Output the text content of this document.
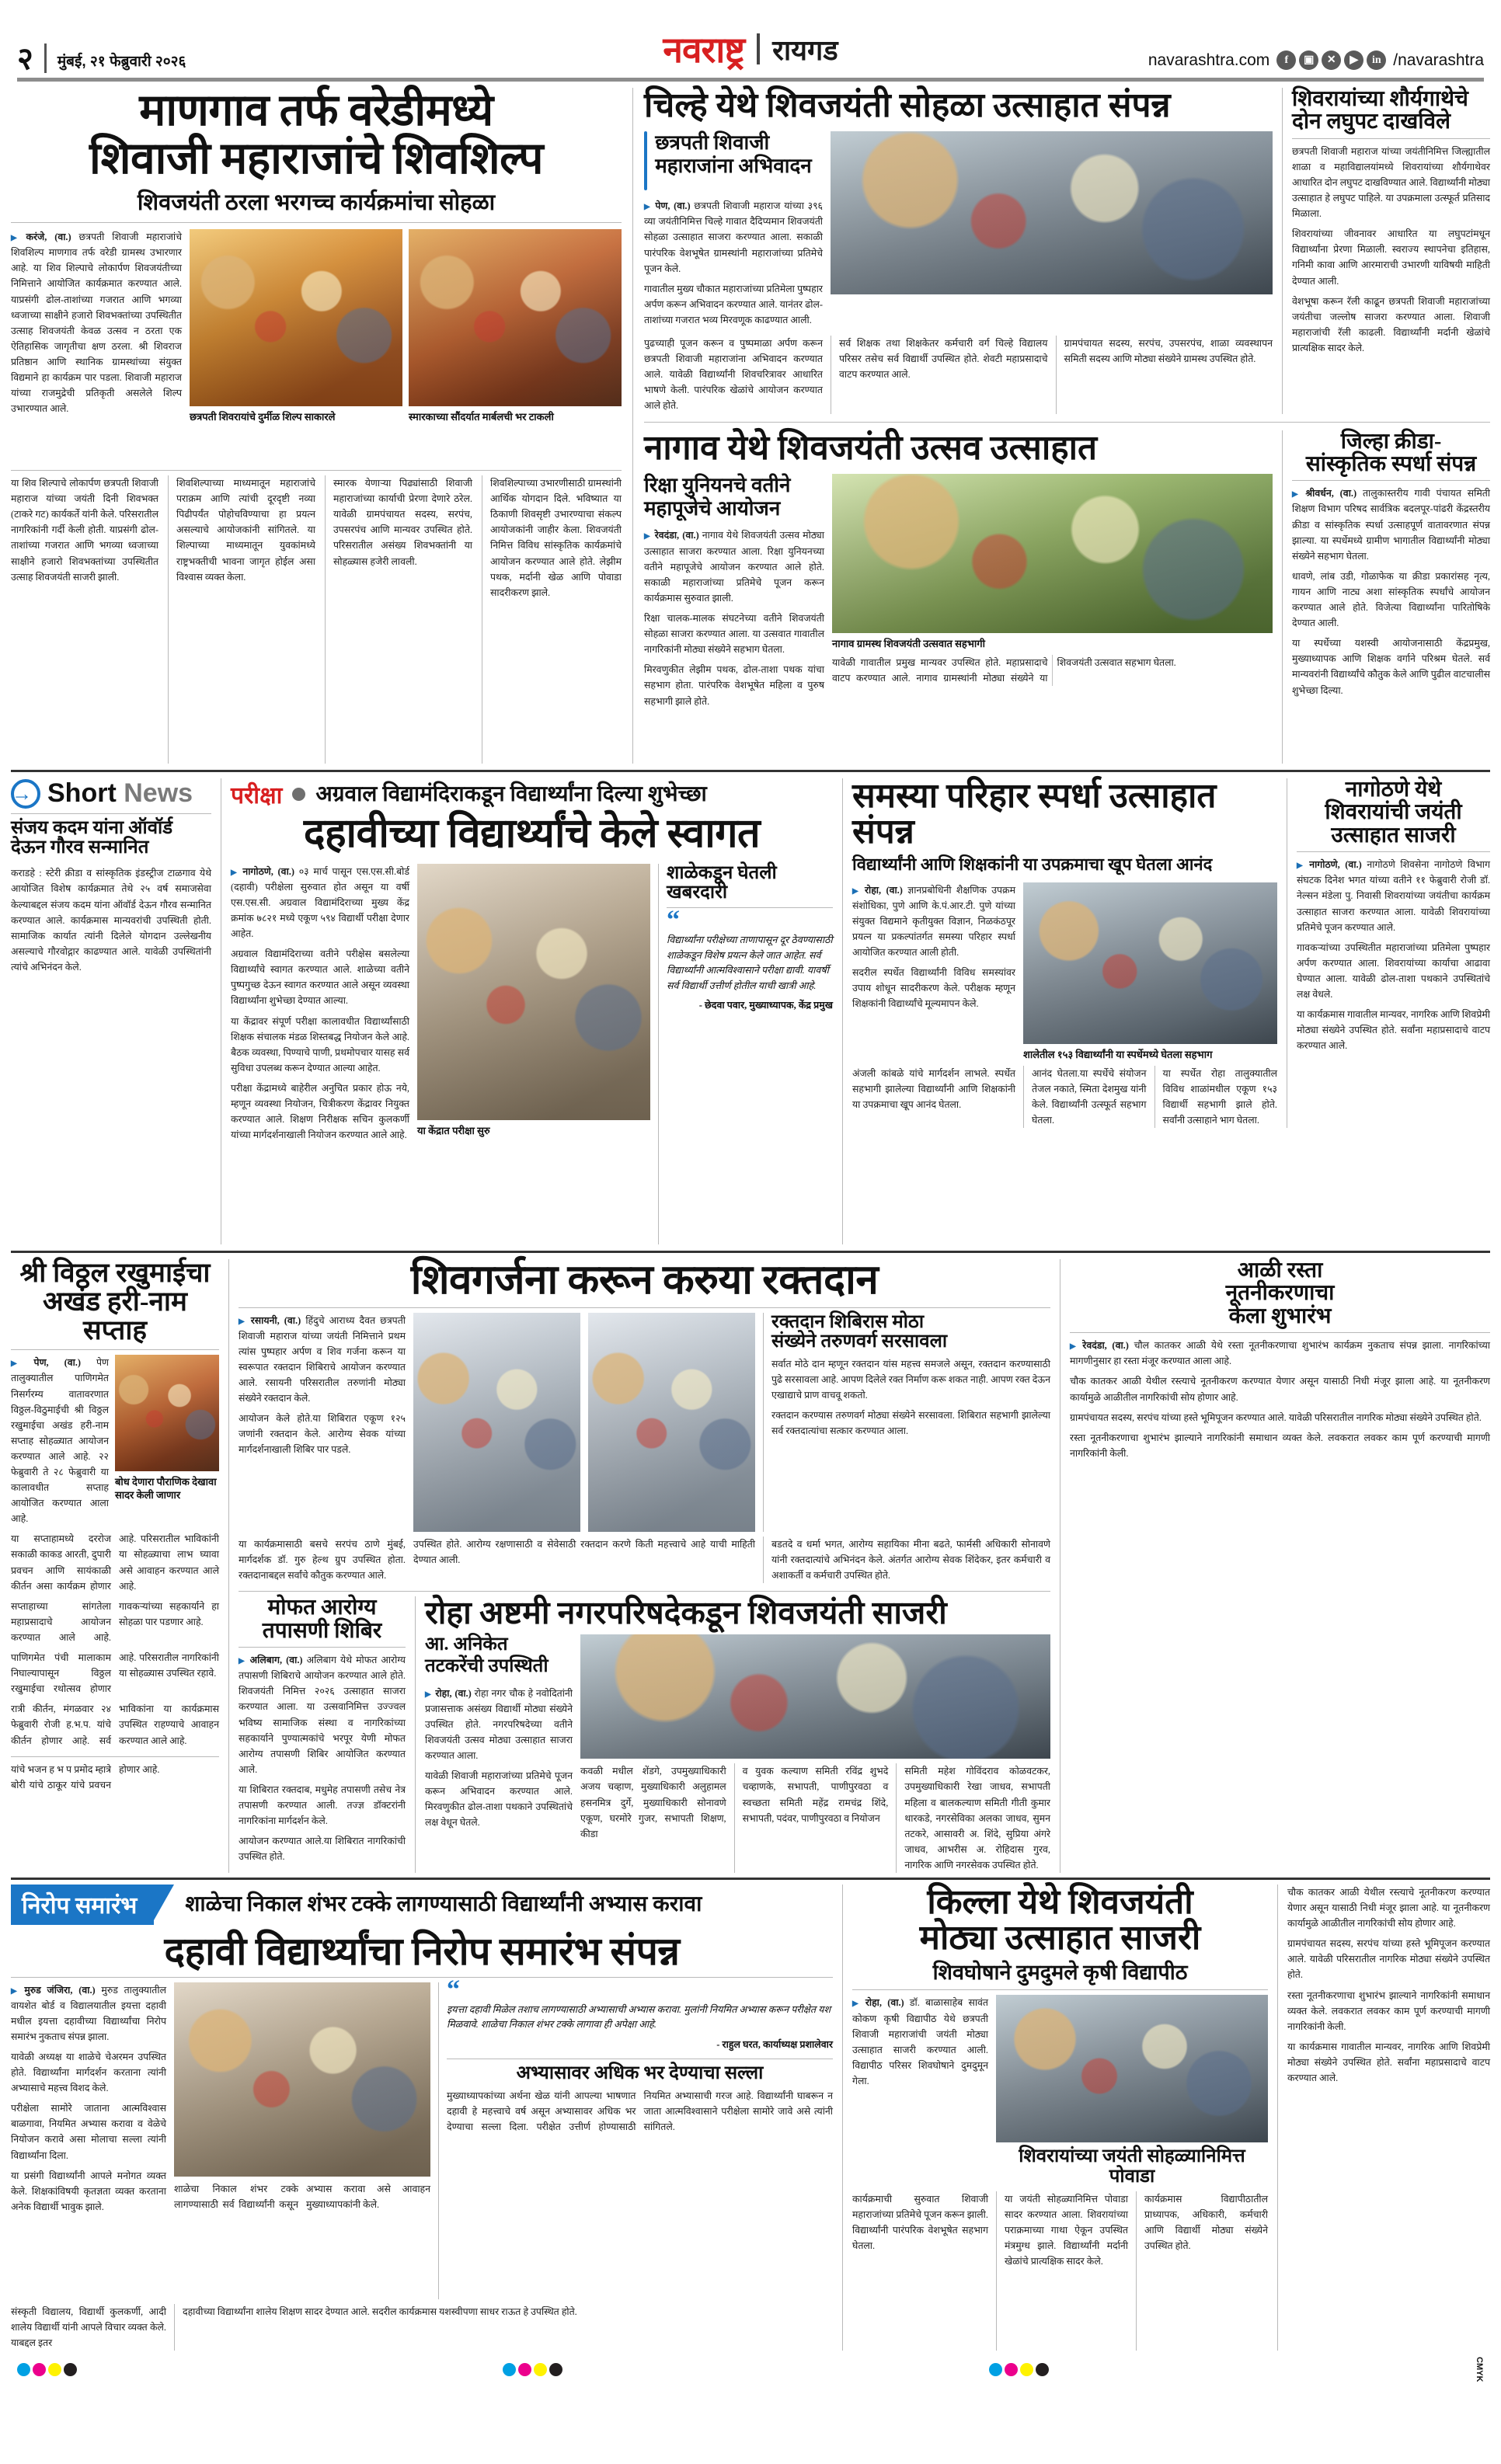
२ मुंबई, २१ फेब्रुवारी २०२६	नवराष्ट्र रायगड	navarashtra.com	f	▣	✕	▶	in /navarashtra
माणगाव तर्फ वरेडीमध्ये
शिवाजी महाराजांचे शिवशिल्प
शिवजयंती ठरला भरगच्च कार्यक्रमांचा सोहळा
▶ करंजे, (वा.) छत्रपती शिवाजी महाराजांचे शिवशिल्प माणगाव तर्फ वरेडी ग्रामस्थ उभारणार आहे. या शिव शिल्पाचे लोकार्पण शिवजयंतीच्या निमित्ताने आयोजित कार्यक्रमात करण्यात आले. याप्रसंगी ढोल-ताशांच्या गजरात आणि भगव्या ध्वजाच्या साक्षीने हजारो शिवभक्तांच्या उपस्थितीत उत्साह शिवजयंती केवळ उत्सव न ठरता एक ऐतिहासिक जागृतीचा क्षण ठरला. श्री शिवराज प्रतिष्ठान आणि स्थानिक ग्रामस्थांच्या संयुक्त विद्यमाने हा कार्यक्रम पार पडला. शिवाजी महाराज यांच्या राजमुद्रेची प्रतिकृती असलेले शिल्प उभारण्यात आले.
छत्रपती शिवरायांचे दुर्मीळ शिल्प साकारले	स्मारकाच्या सौंदर्यात मार्बलची भर टाकली
या शिव शिल्पाचे लोकार्पण छत्रपती शिवाजी महाराज यांच्या जयंती दिनी शिवभक्त (टाकरे गट) कार्यकर्ते यांनी केले. परिसरातील नागरिकांनी गर्दी केली होती. याप्रसंगी ढोल-ताशांच्या गजरात आणि भगव्या ध्वजाच्या साक्षीने हजारो शिवभक्तांच्या उपस्थितीत उत्साह शिवजयंती साजरी झाली.
शिवशिल्पाच्या माध्यमातून महाराजांचे पराक्रम आणि त्यांची दूरदृष्टी नव्या पिढीपर्यंत पोहोचविण्याचा हा प्रयत्न असल्याचे आयोजकांनी सांगितले. या शिल्पाच्या माध्यमातून युवकांमध्ये राष्ट्रभक्तीची भावना जागृत होईल असा विश्वास व्यक्त केला.
स्मारक येणाऱ्या पिढ्यांसाठी शिवाजी महाराजांच्या कार्याची प्रेरणा देणारे ठरेल. यावेळी ग्रामपंचायत सदस्य, सरपंच, उपसरपंच आणि मान्यवर उपस्थित होते. परिसरातील असंख्य शिवभक्तांनी या सोहळ्यास हजेरी लावली.
शिवशिल्पाच्या उभारणीसाठी ग्रामस्थांनी आर्थिक योगदान दिले. भविष्यात या ठिकाणी शिवसृष्टी उभारण्याचा संकल्प आयोजकांनी जाहीर केला. शिवजयंती निमित्त विविध सांस्कृतिक कार्यक्रमांचे आयोजन करण्यात आले होते. लेझीम पथक, मर्दानी खेळ आणि पोवाडा सादरीकरण झाले.
चिल्हे येथे शिवजयंती सोहळा उत्साहात संपन्न
छत्रपती शिवाजी महाराजांना अभिवादन
▶ पेण, (वा.) छत्रपती शिवाजी महाराज यांच्या ३९६ व्या जयंतीनिमित्त चिल्हे गावात दैदिप्यमान शिवजयंती सोहळा उत्साहात साजरा करण्यात आला. सकाळी पारंपरिक वेशभूषेत ग्रामस्थांनी महाराजांच्या प्रतिमेचे पूजन केले.
गावातील मुख्य चौकात महाराजांच्या प्रतिमेला पुष्पहार अर्पण करून अभिवादन करण्यात आले. यानंतर ढोल-ताशांच्या गजरात भव्य मिरवणूक काढण्यात आली.
पुढच्याही पूजन करून व पुष्पमाळा अर्पण करून छत्रपती शिवाजी महाराजांना अभिवादन करण्यात आले. यावेळी विद्यार्थ्यांनी शिवचरित्रावर आधारित भाषणे केली. पारंपरिक खेळांचे आयोजन करण्यात आले होते.
सर्व शिक्षक तथा शिक्षकेतर कर्मचारी वर्ग चिल्हे विद्यालय परिसर तसेच सर्व विद्यार्थी उपस्थित होते. शेवटी महाप्रसादाचे वाटप करण्यात आले.
ग्रामपंचायत सदस्य, सरपंच, उपसरपंच, शाळा व्यवस्थापन समिती सदस्य आणि मोठ्या संख्येने ग्रामस्थ उपस्थित होते.
शिवरायांच्या शौर्यगाथेचे दोन लघुपट दाखविले
छत्रपती शिवाजी महाराज यांच्या जयंतीनिमित्त जिल्ह्यातील शाळा व महाविद्यालयांमध्ये शिवरायांच्या शौर्यगाथेवर आधारित दोन लघुपट दाखविण्यात आले. विद्यार्थ्यांनी मोठ्या उत्साहात हे लघुपट पाहिले. या उपक्रमाला उत्स्फूर्त प्रतिसाद मिळाला.
शिवरायांच्या जीवनावर आधारित या लघुपटांमधून विद्यार्थ्यांना प्रेरणा मिळाली. स्वराज्य स्थापनेचा इतिहास, गनिमी कावा आणि आरमाराची उभारणी याविषयी माहिती देण्यात आली.
वेशभूषा करून रॅली काढून छत्रपती शिवाजी महाराजांच्या जयंतीचा जल्लोष साजरा करण्यात आला. शिवाजी महाराजांची रॅली काढली. विद्यार्थ्यांनी मर्दानी खेळांचे प्रात्यक्षिक सादर केले.
नागाव येथे शिवजयंती उत्सव उत्साहात
रिक्षा युनियनचे वतीने
महापूजेचे आयोजन
▶ रेवदंडा, (वा.) नागाव येथे शिवजयंती उत्सव मोठ्या उत्साहात साजरा करण्यात आला. रिक्षा युनियनच्या वतीने महापूजेचे आयोजन करण्यात आले होते. सकाळी महाराजांच्या प्रतिमेचे पूजन करून कार्यक्रमास सुरुवात झाली.
रिक्षा चालक-मालक संघटनेच्या वतीने शिवजयंती सोहळा साजरा करण्यात आला. या उत्सवात गावातील नागरिकांनी मोठ्या संख्येने सहभाग घेतला.
मिरवणुकीत लेझीम पथक, ढोल-ताशा पथक यांचा सहभाग होता. पारंपरिक वेशभूषेत महिला व पुरुष सहभागी झाले होते.
नागाव ग्रामस्थ शिवजयंती उत्सवात सहभागी
यावेळी गावातील प्रमुख मान्यवर उपस्थित होते. महाप्रसादाचे वाटप करण्यात आले. नागाव ग्रामस्थांनी मोठ्या संख्येने या शिवजयंती उत्सवात सहभाग घेतला.
जिल्हा क्रीडा-
सांस्कृतिक स्पर्धा संपन्न
▶ श्रीवर्धन, (वा.) तालुकास्तरीय गावी पंचायत समिती शिक्षण विभाग परिषद सार्वत्रिक बदलपूर-पांढरी केंद्रस्तरीय क्रीडा व सांस्कृतिक स्पर्धा उत्साहपूर्ण वातावरणात संपन्न झाल्या. या स्पर्धेमध्ये ग्रामीण भागातील विद्यार्थ्यांनी मोठ्या संख्येने सहभाग घेतला.
धावणे, लांब उडी, गोळाफेक या क्रीडा प्रकारांसह नृत्य, गायन आणि नाट्य अशा सांस्कृतिक स्पर्धांचे आयोजन करण्यात आले होते. विजेत्या विद्यार्थ्यांना पारितोषिके देण्यात आली.
या स्पर्धेच्या यशस्वी आयोजनासाठी केंद्रप्रमुख, मुख्याध्यापक आणि शिक्षक वर्गाने परिश्रम घेतले. सर्व मान्यवरांनी विद्यार्थ्यांचे कौतुक केले आणि पुढील वाटचालीस शुभेच्छा दिल्या.
→
Short News
संजय कदम यांना ऑवॉर्ड
देऊन गौरव सन्मानित
कराडहे : स्टेरी क्रीडा व सांस्कृतिक इंडस्ट्रीज टाळगाव येथे आयोजित विशेष कार्यक्रमात तेथे २५ वर्ष समाजसेवा केल्याबद्दल संजय कदम यांना ऑवॉर्ड देऊन गौरव सन्मानित करण्यात आले. कार्यक्रमास मान्यवरांची उपस्थिती होती. सामाजिक कार्यात त्यांनी दिलेले योगदान उल्लेखनीय असल्याचे गौरवोद्गार काढण्यात आले. यावेळी उपस्थितांनी त्यांचे अभिनंदन केले.
परीक्षा अग्रवाल विद्यामंदिराकडून विद्यार्थ्यांना दिल्या शुभेच्छा
दहावीच्या विद्यार्थ्यांचे केले स्वागत
▶ नागोठणे, (वा.) ०३ मार्च पासून एस.एस.सी.बोर्ड (दहावी) परीक्षेला सुरुवात होत असून या वर्षी एस.एस.सी. अग्रवाल विद्यामंदिराच्या मुख्य केंद्र क्रमांक ७८२१ मध्ये एकूण ५९४ विद्यार्थी परीक्षा देणार आहेत.
अग्रवाल विद्यामंदिराच्या वतीने परीक्षेस बसलेल्या विद्यार्थ्यांचे स्वागत करण्यात आले. शाळेच्या वतीने पुष्पगुच्छ देऊन स्वागत करण्यात आले असून व्यवस्था विद्यार्थ्यांना शुभेच्छा देण्यात आल्या.
या केंद्रावर संपूर्ण परीक्षा कालावधीत विद्यार्थ्यांसाठी शिक्षक संचालक मंडळ शिस्तबद्ध नियोजन केले आहे. बैठक व्यवस्था, पिण्याचे पाणी, प्रथमोपचार यासह सर्व सुविधा उपलब्ध करून देण्यात आल्या आहेत.
परीक्षा केंद्रामध्ये बाहेरील अनुचित प्रकार होऊ नये, म्हणून व्यवस्था नियोजन, चित्रीकरण केंद्रावर नियुक्त करण्यात आले. शिक्षण निरीक्षक सचिन कुलकर्णी यांच्या मार्गदर्शनाखाली नियोजन करण्यात आले आहे. या केंद्रात परीक्षा सुरु
शाळेकडून घेतली खबरदारी
“
विद्यार्थ्यांना परीक्षेच्या ताणापासून दूर ठेवण्यासाठी शाळेकडून विशेष प्रयत्न केले जात आहेत. सर्व विद्यार्थ्यांनी आत्मविश्वासाने परीक्षा द्यावी. यावर्षी सर्व विद्यार्थी उत्तीर्ण होतील याची खात्री आहे.
- छेदवा पवार, मुख्याध्यापक, केंद्र प्रमुख
समस्या परिहार स्पर्धा उत्साहात संपन्न
विद्यार्थ्यांनी आणि शिक्षकांनी या उपक्रमाचा खूप घेतला आनंद
▶ रोहा, (वा.) ज्ञानप्रबोधिनी शैक्षणिक उपक्रम संशोधिका, पुणे आणि के.पं.आर.टी. पुणे यांच्या संयुक्त विद्यमाने कृतीयुक्त विज्ञान, निळकंठपूर प्रयत्न या प्रकल्पांतर्गत समस्या परिहार स्पर्धा आयोजित करण्यात आली होती.
सदरील स्पर्धेत विद्यार्थ्यांनी विविध समस्यांवर उपाय शोधून सादरीकरण केले. परीक्षक म्हणून शिक्षकांनी विद्यार्थ्यांचे मूल्यमापन केले.
शालेतील १५३ विद्यार्थ्यांनी या स्पर्धेमध्ये घेतला सहभाग
अंजली कांबळे यांचे मार्गदर्शन लाभले. स्पर्धेत सहभागी झालेल्या विद्यार्थ्यांनी आणि शिक्षकांनी या उपक्रमाचा खूप आनंद घेतला.
आनंद घेतला.या स्पर्धेचे संयोजन तेजल नकाते, स्मिता देशमुख यांनी केले. विद्यार्थ्यांनी उत्स्फूर्त सहभाग घेतला.
या स्पर्धेत रोहा तालुक्यातील विविध शाळांमधील एकूण १५३ विद्यार्थी सहभागी झाले होते. सर्वांनी उत्साहाने भाग घेतला.
नागोठणे येथे
शिवरायांची जयंती
उत्साहात साजरी
▶ नागोठणे, (वा.) नागोठणे शिवसेना नागोठणे विभाग संघटक दिनेश भगत यांच्या वतीने ११ फेब्रुवारी रोजी डॉ. नेल्सन मंडेला पु. निवासी शिवरायांच्या जयंतीचा कार्यक्रम उत्साहात साजरा करण्यात आला. यावेळी शिवरायांच्या प्रतिमेचे पूजन करण्यात आले.
गावकऱ्यांच्या उपस्थितीत महाराजांच्या प्रतिमेला पुष्पहार अर्पण करण्यात आला. शिवरायांच्या कार्याचा आढावा घेण्यात आला. यावेळी ढोल-ताशा पथकाने उपस्थितांचे लक्ष वेधले.
या कार्यक्रमास गावातील मान्यवर, नागरिक आणि शिवप्रेमी मोठ्या संख्येने उपस्थित होते. सर्वांना महाप्रसादाचे वाटप करण्यात आले.
श्री विठ्ठल रखुमाईचा
अखंड हरी-नाम सप्ताह
▶ पेण, (वा.) पेण तालुक्यातील पाणिगमेत निसर्गरम्य वातावरणात विठ्ठल-विठुमाईची श्री विठ्ठल रखुमाईचा अखंड हरी-नाम सप्ताह सोहळ्यात आयोजन करण्यात आले आहे. २२ फेब्रुवारी ते २८ फेब्रुवारी या कालावधीत सप्ताह आयोजित करण्यात आला आहे.
बोध देणारा पौराणिक देखावा सादर केली जाणार
या सप्ताहामध्ये दररोज सकाळी काकड आरती, दुपारी प्रवचन आणि सायंकाळी कीर्तन असा कार्यक्रम होणार आहे. परिसरातील भाविकांनी या सोहळ्याचा लाभ घ्यावा असे आवाहन करण्यात आले आहे.
सप्ताहाच्या सांगतेला महाप्रसादाचे आयोजन करण्यात आले आहे. गावकऱ्यांच्या सहकार्याने हा सोहळा पार पडणार आहे.
पाणिगमेत पंची मालाकाम निघाल्यापासून विठ्ठल रखुमाईचा रथोत्सव होणार आहे. परिसरातील नागरिकांनी या सोहळ्यास उपस्थित रहावे.
रात्री कीर्तन, मंगळवार २४ फेब्रुवारी रोजी ह.भ.प. यांचे कीर्तन होणार आहे. सर्व भाविकांना या कार्यक्रमास उपस्थित राहण्याचे आवाहन करण्यात आले आहे.
यांचे भजन ह भ प प्रमोद म्हात्रे बोरी यांचे ठाकूर यांचे प्रवचन होणार आहे.
शिवगर्जना करून करुया रक्तदान
▶ रसायनी, (वा.) हिंदुचे आराध्य दैवत छत्रपती शिवाजी महाराज यांच्या जयंती निमित्ताने प्रथम त्यांस पुष्पहार अर्पण व शिव गर्जना करून या स्वरूपात रक्तदान शिबिराचे आयोजन करण्यात आले. रसायनी परिसरातील तरुणांनी मोठ्या संख्येने रक्तदान केले.
आयोजन केले होते.या शिबिरात एकूण १२५ जणांनी रक्तदान केले. आरोग्य सेवक यांच्या मार्गदर्शनाखाली शिबिर पार पडले.
रक्तदान शिबिरास मोठा
संख्येने तरुणवर्ग सरसावला
सर्वात मोठे दान म्हणून रक्तदान यांस महत्त्व समजले असून, रक्तदान करण्यासाठी पुढे सरसावला आहे. आपण दिलेले रक्त निर्माण करू शकत नाही. आपण रक्त देऊन एखाद्याचे प्राण वाचवू शकतो.
रक्तदान करण्यास तरुणवर्ग मोठ्या संख्येने सरसावला. शिबिरात सहभागी झालेल्या सर्व रक्तदात्यांचा सत्कार करण्यात आला.
या कार्यक्रमासाठी बसचे सरपंच ठाणे मुंबई, मार्गदर्शक डॉ. गुरु हेल्थ ग्रुप उपस्थित होता. रक्तदानाबद्दल सर्वांचे कौतुक करण्यात आले.
उपस्थित होते. आरोग्य रक्षणासाठी व सेवेसाठी रक्तदान करणे किती महत्त्वाचे आहे याची माहिती देण्यात आली.
बडतदे व धर्मा भगत, आरोग्य सहायिका मीना बढते, फार्मसी अधिकारी सोनावणे यांनी रक्तदात्यांचे अभिनंदन केले. अंतर्गत आरोग्य सेवक शिंदेकर, इतर कर्मचारी व अशाकर्ती व कर्मचारी उपस्थित होते.
मोफत आरोग्य
तपासणी शिबिर
▶ अलिबाग, (वा.) अलिबाग येथे मोफत आरोग्य तपासणी शिबिराचे आयोजन करण्यात आले होते. शिवजयंती निमित्त २०२६ उत्साहात साजरा करण्यात आला. या उत्सवानिमित्त उज्ज्वल भविष्य सामाजिक संस्था व नागरिकांच्या सहकार्याने पुण्यात्मकांचे भरपूर येणी मोफत आरोग्य तपासणी शिबिर आयोजित करण्यात आले.
या शिबिरात रक्तदाब, मधुमेह तपासणी तसेच नेत्र तपासणी करण्यात आली. तज्ज्ञ डॉक्टरांनी नागरिकांना मार्गदर्शन केले.
आयोजन करण्यात आले.या शिबिरात नागरिकांची उपस्थित होते.
रोहा अष्टमी नगरपरिषदेकडून शिवजयंती साजरी
आ. अनिकेत
तटकरेंची उपस्थिती
▶ रोहा, (वा.) रोहा नगर चौक हे नवोदितांनी प्रजासत्ताक असंख्य विद्यार्थी मोठ्या संख्येने उपस्थित होते. नगरपरिषदेच्या वतीने शिवजयंती उत्सव मोठ्या उत्साहात साजरा करण्यात आला.
यावेळी शिवाजी महाराजांच्या प्रतिमेचे पूजन करून अभिवादन करण्यात आले. मिरवणुकीत ढोल-ताशा पथकाने उपस्थितांचे लक्ष वेधून घेतले.
कवळी मधील शेंडगे, उपमुख्याधिकारी अजय चव्हाण, मुख्याधिकारी अलुहामल हसनमित्र दुर्गे, मुख्याधिकारी सोनावणे एकूण, घरमोरे गुजर, सभापती शिक्षण, कीडा
व युवक कल्याण समिती रविंद्र शुभदे चव्हाणके, सभापती, पाणीपुरवठा व स्वच्छता समिती महेंद्र रामचंद्र शिंदे, सभापती, पदंवर, पाणीपुरवठा व नियोजन
समिती महेश गोविंदराव कोळवटकर, उपमुख्याधिकारी रेखा जाधव, सभापती महिला व बालकल्याण समिती गीती कुमार थारकडे, नगरसेविका अलका जाधव, सुमन तटकरे, आसावरी अ. शिंदे, सुप्रिया अंगरे जाधव, आभरीस अ. रोहिदास गुरव, नागरिक आणि नगरसेवक उपस्थित होते.
आळी रस्ता
नूतनीकरणाचा
केला शुभारंभ
▶ रेवदंडा, (वा.) चौल कातकर आळी येथे रस्ता नूतनीकरणाचा शुभारंभ कार्यक्रम नुकताच संपन्न झाला. नागरिकांच्या मागणीनुसार हा रस्ता मंजूर करण्यात आला आहे.
चौक कातकर आळी येथील रस्त्याचे नूतनीकरण करण्यात येणार असून यासाठी निधी मंजूर झाला आहे. या नूतनीकरण कार्यामुळे आळीतील नागरिकांची सोय होणार आहे.
ग्रामपंचायत सदस्य, सरपंच यांच्या हस्ते भूमिपूजन करण्यात आले. यावेळी परिसरातील नागरिक मोठ्या संख्येने उपस्थित होते.
रस्ता नूतनीकरणाचा शुभारंभ झाल्याने नागरिकांनी समाधान व्यक्त केले. लवकरात लवकर काम पूर्ण करण्याची मागणी नागरिकांनी केली.
निरोप समारंभ	शाळेचा निकाल शंभर टक्के लागण्यासाठी विद्यार्थ्यांनी अभ्यास करावा
दहावी विद्यार्थ्यांचा निरोप समारंभ संपन्न
▶ मुरुड जंजिरा, (वा.) मुरुड तालुक्यातील वायशेत बोर्ड व विद्यालयातील इयत्ता दहावी मधील इयत्ता दहावीच्या विद्यार्थ्यांचा निरोप समारंभ नुकताच संपन्न झाला.
यावेळी अध्यक्ष या शाळेचे चेअरमन उपस्थित होते. विद्यार्थ्यांना मार्गदर्शन करताना त्यांनी अभ्यासाचे महत्त्व विशद केले.
परीक्षेला सामोरे जाताना आत्मविश्वास बाळगावा, नियमित अभ्यास करावा व वेळेचे नियोजन करावे असा मोलाचा सल्ला त्यांनी विद्यार्थ्यांना दिला.
या प्रसंगी विद्यार्थ्यांनी आपले मनोगत व्यक्त केले. शिक्षकांविषयी कृतज्ञता व्यक्त करताना अनेक विद्यार्थी भावुक झाले.
शाळेचा निकाल शंभर टक्के लागण्यासाठी सर्व विद्यार्थ्यांनी कसून अभ्यास करावा असे आवाहन मुख्याध्यापकांनी केले.
“
इयत्ता दहावी मिळेल तशाच लागण्यासाठी अभ्यासाची अभ्यास करावा. मुलांनी नियमित अभ्यास करून परीक्षेत यश मिळवावे. शाळेचा निकाल शंभर टक्के लागावा ही अपेक्षा आहे.
- राहुल घरत, कार्याध्यक्ष प्रशालेवार
अभ्यासावर अधिक भर देण्याचा सल्ला
मुख्याध्यापकांच्या अर्थना खेळ यांनी आपल्या भाषणात दहावी हे महत्त्वाचे वर्ष असून अभ्यासावर अधिक भर देण्याचा सल्ला दिला. परीक्षेत उत्तीर्ण होण्यासाठी नियमित अभ्यासाची गरज आहे. विद्यार्थ्यांनी घाबरून न जाता आत्मविश्वासाने परीक्षेला सामोरे जावे असे त्यांनी सांगितले.
संस्कृती विद्यालय, विद्यार्थी कुलकर्णी, आदी शालेय विद्यार्थी यांनी आपले विचार व्यक्त केले. याबद्दल इतर
दहावीच्या विद्यार्थ्यांना शालेय शिक्षण सादर देण्यात आले. सदरील कार्यक्रमास यशस्वीपणा साधर राऊत हे उपस्थित होते.
किल्ला येथे शिवजयंती
मोठ्या उत्साहात साजरी
शिवघोषाने दुमदुमले कृषी विद्यापीठ
▶ रोहा, (वा.) डॉ. बाळासाहेब सावंत कोकण कृषी विद्यापीठ येथे छत्रपती शिवाजी महाराजांची जयंती मोठ्या उत्साहात साजरी करण्यात आली. विद्यापीठ परिसर शिवघोषाने दुमदुमून गेला.
शिवरायांच्या जयंती सोहळ्यानिमित्त पोवाडा
कार्यक्रमाची सुरुवात शिवाजी महाराजांच्या प्रतिमेचे पूजन करून झाली. विद्यार्थ्यांनी पारंपरिक वेशभूषेत सहभाग घेतला.
या जयंती सोहळ्यानिमित्त पोवाडा सादर करण्यात आला. शिवरायांच्या पराक्रमाच्या गाथा ऐकून उपस्थित मंत्रमुग्ध झाले. विद्यार्थ्यांनी मर्दानी खेळांचे प्रात्यक्षिक सादर केले.
कार्यक्रमास विद्यापीठातील प्राध्यापक, अधिकारी, कर्मचारी आणि विद्यार्थी मोठ्या संख्येने उपस्थित होते.
चौक कातकर आळी येथील रस्त्याचे नूतनीकरण करण्यात येणार असून यासाठी निधी मंजूर झाला आहे. या नूतनीकरण कार्यामुळे आळीतील नागरिकांची सोय होणार आहे.
ग्रामपंचायत सदस्य, सरपंच यांच्या हस्ते भूमिपूजन करण्यात आले. यावेळी परिसरातील नागरिक मोठ्या संख्येने उपस्थित होते.
रस्ता नूतनीकरणाचा शुभारंभ झाल्याने नागरिकांनी समाधान व्यक्त केले. लवकरात लवकर काम पूर्ण करण्याची मागणी नागरिकांनी केली.
या कार्यक्रमास गावातील मान्यवर, नागरिक आणि शिवप्रेमी मोठ्या संख्येने उपस्थित होते. सर्वांना महाप्रसादाचे वाटप करण्यात आले.
CMYK
